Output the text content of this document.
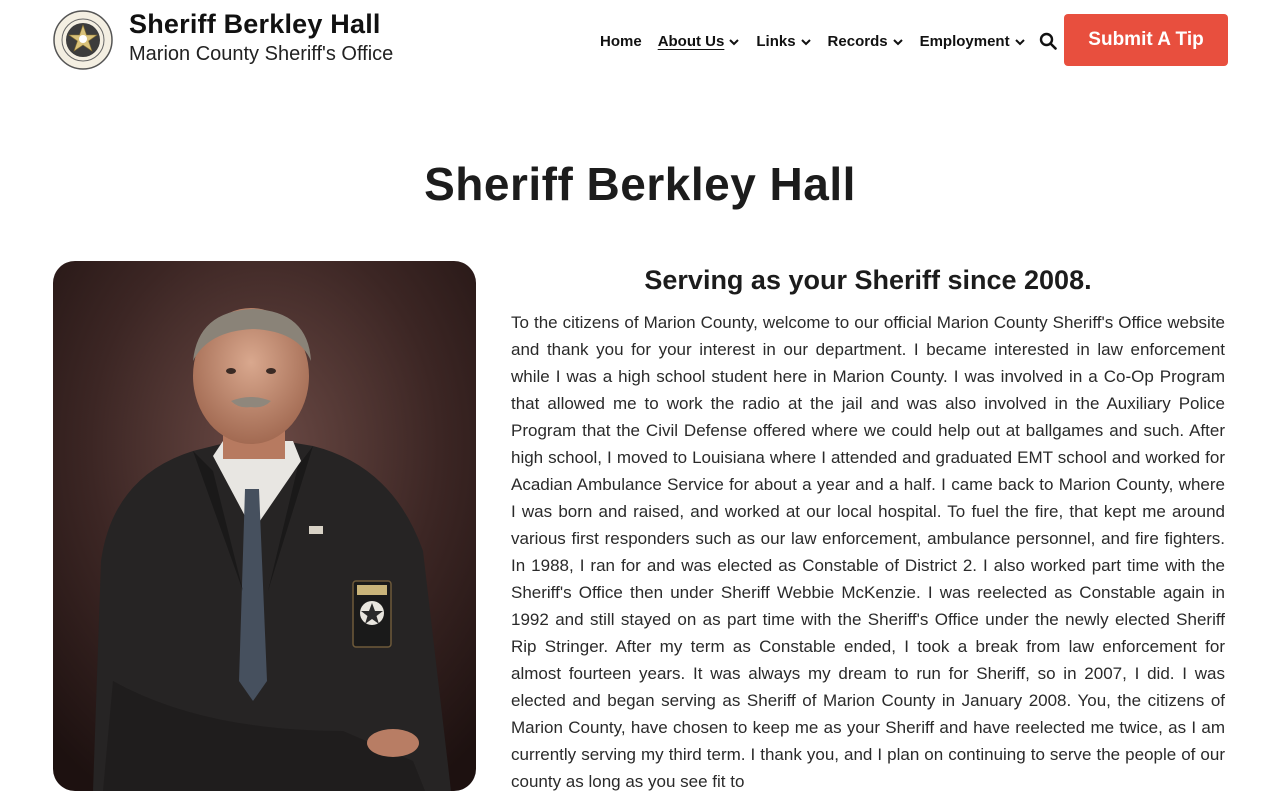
Sheriff Berkley Hall
Marion County Sheriff's Office
Home About Us Links Records Employment	Submit A Tip
Sheriff Berkley Hall
Serving as your Sheriff since 2008.

To the citizens of Marion County, welcome to our official Marion County Sheriff's Office website and thank you for your interest in our department. I became interested in law enforcement while I was a high school student here in Marion County. I was involved in a Co-Op Program that allowed me to work the radio at the jail and was also involved in the Auxiliary Police Program that the Civil Defense offered where we could help out at ballgames and such. After high school, I moved to Louisiana where I attended and graduated EMT school and worked for Acadian Ambulance Service for about a year and a half. I came back to Marion County, where I was born and raised, and worked at our local hospital. To fuel the fire, that kept me around various first responders such as our law enforcement, ambulance personnel, and fire fighters. In 1988, I ran for and was elected as Constable of District 2. I also worked part time with the Sheriff's Office then under Sheriff Webbie McKenzie. I was reelected as Constable again in 1992 and still stayed on as part time with the Sheriff's Office under the newly elected Sheriff Rip Stringer. After my term as Constable ended, I took a break from law enforcement for almost fourteen years. It was always my dream to run for Sheriff, so in 2007, I did. I was elected and began serving as Sheriff of Marion County in January 2008. You, the citizens of Marion County, have chosen to keep me as your Sheriff and have reelected me twice, as I am currently serving my third term. I thank you, and I plan on continuing to serve the people of our county as long as you see fit to
